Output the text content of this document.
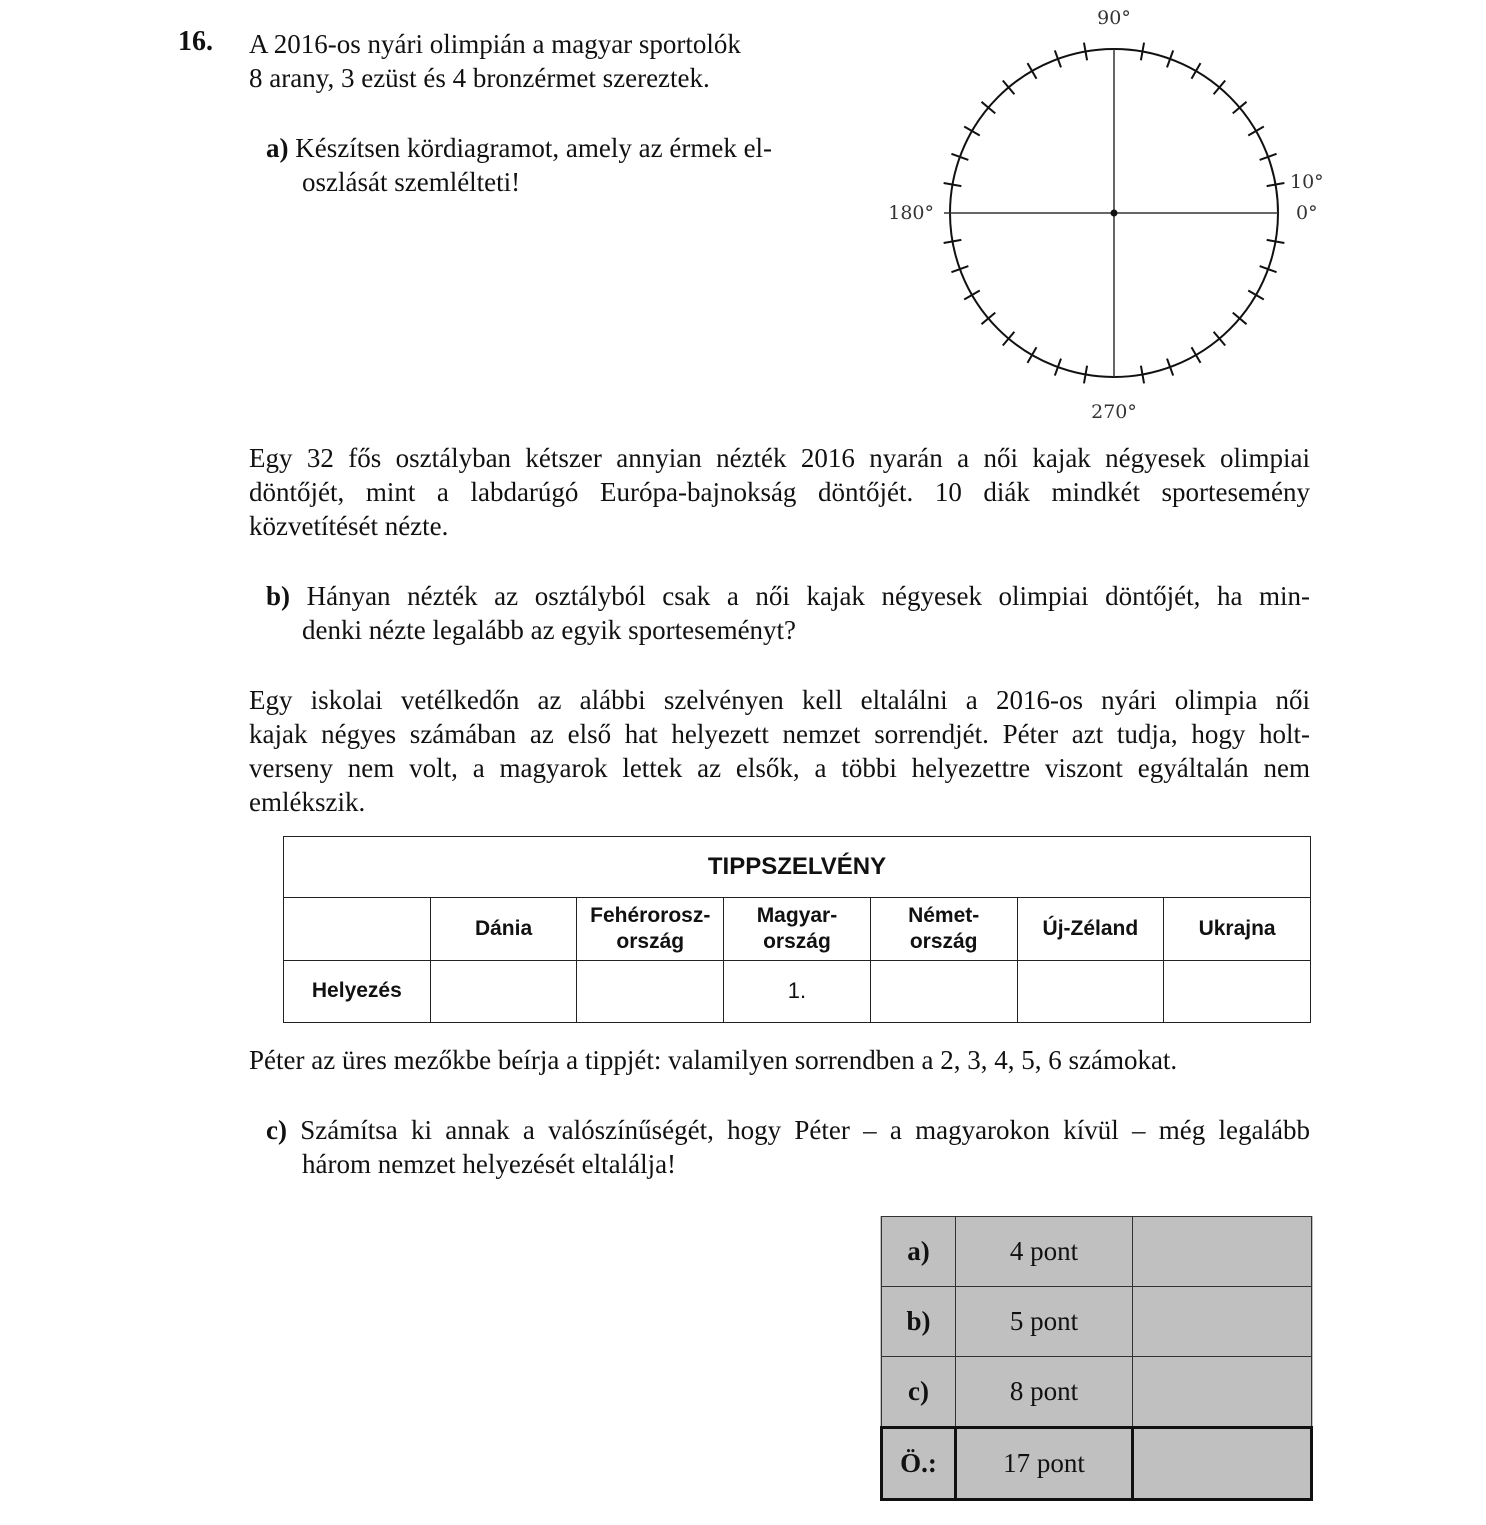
16. A 2016-os nyári olimpián a magyar sportolók
8 arany, 3 ezüst és 4 bronzérmet szereztek.
a) Készítsen kördiagramot, amely az érmek el-
oszlását szemlélteti!
90°
180°
270°
10°
0°
Egy 32 fős osztályban kétszer annyian nézték 2016 nyarán a női kajak négyesek olimpiai
döntőjét, mint a labdarúgó Európa-bajnokság döntőjét. 10 diák mindkét sportesemény
közvetítését nézte.
b) Hányan nézték az osztályból csak a női kajak négyesek olimpiai döntőjét, ha min-
denki nézte legalább az egyik sporteseményt?
Egy iskolai vetélkedőn az alábbi szelvényen kell eltalálni a 2016-os nyári olimpia női
kajak négyes számában az első hat helyezett nemzet sorrendjét. Péter azt tudja, hogy holt-
verseny nem volt, a magyarok lettek az elsők, a többi helyezettre viszont egyáltalán nem
emlékszik.
TIPPSZELVÉNY						
	Dánia	Fehérorosz-
ország	Magyar-
ország	Német-
ország	Új-Zéland	Ukrajna
Helyezés			1.			
Péter az üres mezőkbe beírja a tippjét: valamilyen sorrendben a 2, 3, 4, 5, 6 számokat.
c) Számítsa ki annak a valószínűségét, hogy Péter – a magyarokon kívül – még legalább
három nemzet helyezését eltalálja!
a)	4 pont	
b)	5 pont	
c)	8 pont	
Ö.:	17 pont	
